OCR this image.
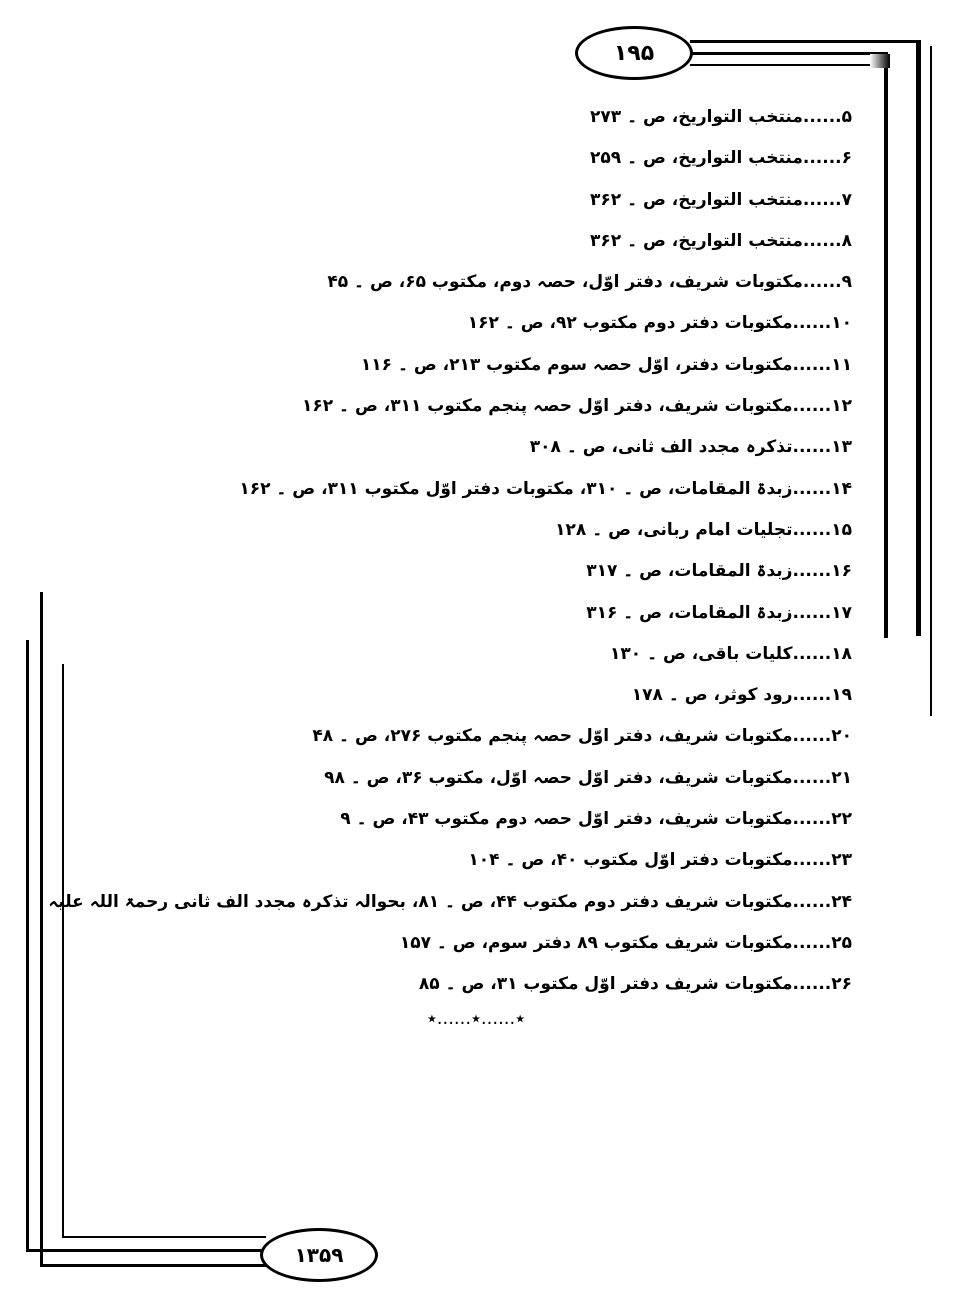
۱۹۵
۱۳۵۹
۵......منتخب التواریخ، ص ۔ ۲۷۳
۶......منتخب التواریخ، ص ۔ ۲۵۹
۷......منتخب التواریخ، ص ۔ ۳۶۲
۸......منتخب التواریخ، ص ۔ ۳۶۲
۹......مکتوبات شریف، دفتر اوّل، حصہ دوم، مکتوب ۶۵، ص ۔ ۴۵
۱۰......مکتوبات دفتر دوم مکتوب ۹۲، ص ۔ ۱۶۲
۱۱......مکتوبات دفتر، اوّل حصہ سوم مکتوب ۲۱۳، ص ۔ ۱۱۶
۱۲......مکتوبات شریف، دفتر اوّل حصہ پنجم مکتوب ۳۱۱، ص ۔ ۱۶۲
۱۳......تذکرہ مجدد الف ثانی، ص ۔ ۳۰۸
۱۴......زبدۃ المقامات، ص ۔ ۳۱۰، مکتوبات دفتر اوّل مکتوب ۳۱۱، ص ۔ ۱۶۲
۱۵......تجلیات امام ربانی، ص ۔ ۱۲۸
۱۶......زبدۃ المقامات، ص ۔ ۳۱۷
۱۷......زبدۃ المقامات، ص ۔ ۳۱۶
۱۸......کلیات باقی، ص ۔ ۱۳۰
۱۹......رود کوثر، ص ۔ ۱۷۸
۲۰......مکتوبات شریف، دفتر اوّل حصہ پنجم مکتوب ۲۷۶، ص ۔ ۴۸
۲۱......مکتوبات شریف، دفتر اوّل حصہ اوّل، مکتوب ۳۶، ص ۔ ۹۸
۲۲......مکتوبات شریف، دفتر اوّل حصہ دوم مکتوب ۴۳، ص ۔ ۹
۲۳......مکتوبات دفتر اوّل مکتوب ۴۰، ص ۔ ۱۰۴
۲۴......مکتوبات شریف دفتر دوم مکتوب ۴۴، ص ۔ ۸۱، بحوالہ تذکرہ مجدد الف ثانی رحمۃ اللہ علیہ
۲۵......مکتوبات شریف مکتوب ۸۹ دفتر سوم، ص ۔ ۱۵۷
۲۶......مکتوبات شریف دفتر اوّل مکتوب ۳۱، ص ۔ ۸۵
٭......٭......٭
